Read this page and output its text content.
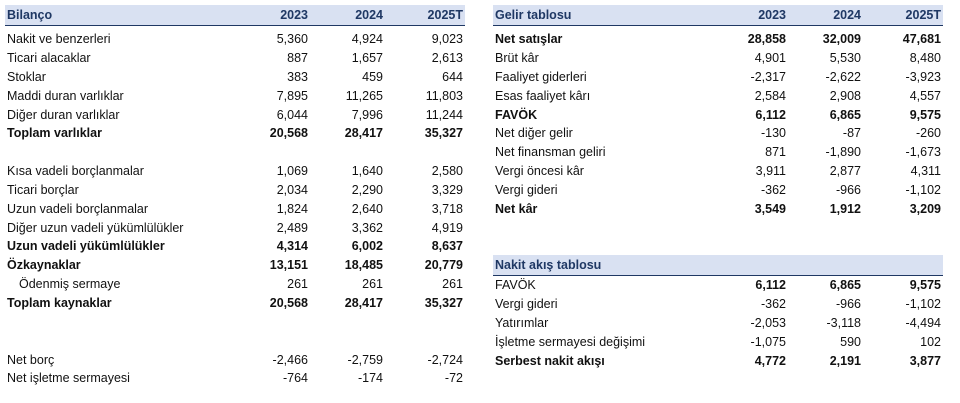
Bilanço	2023	2024	2025T
Nakit ve benzerleri	5,360	4,924	9,023
Ticari alacaklar	887	1,657	2,613
Stoklar	383	459	644
Maddi duran varlıklar	7,895	11,265	11,803
Diğer duran varlıklar	6,044	7,996	11,244
Toplam varlıklar	20,568	28,417	35,327

Kısa vadeli borçlanmalar	1,069	1,640	2,580
Ticari borçlar	2,034	2,290	3,329
Uzun vadeli borçlanmalar	1,824	2,640	3,718
Diğer uzun vadeli yükümlülükler	2,489	3,362	4,919
Uzun vadeli yükümlülükler	4,314	6,002	8,637
Özkaynaklar	13,151	18,485	20,779
Ödenmiş sermaye	261	261	261
Toplam kaynaklar	20,568	28,417	35,327

Net borç	-2,466	-2,759	-2,724
Net işletme sermayesi	-764	-174	-72
Gelir tablosu	2023	2024	2025T
Net satışlar	28,858	32,009	47,681
Brüt kâr	4,901	5,530	8,480
Faaliyet giderleri	-2,317	-2,622	-3,923
Esas faaliyet kârı	2,584	2,908	4,557
FAVÖK	6,112	6,865	9,575
Net diğer gelir	-130	-87	-260
Net finansman geliri	871	-1,890	-1,673
Vergi öncesi kâr	3,911	2,877	4,311
Vergi gideri	-362	-966	-1,102
Net kâr	3,549	1,912	3,209
Nakit akış tablosu			
FAVÖK	6,112	6,865	9,575
Vergi gideri	-362	-966	-1,102
Yatırımlar	-2,053	-3,118	-4,494
İşletme sermayesi değişimi	-1,075	590	102
Serbest nakit akışı	4,772	2,191	3,877
